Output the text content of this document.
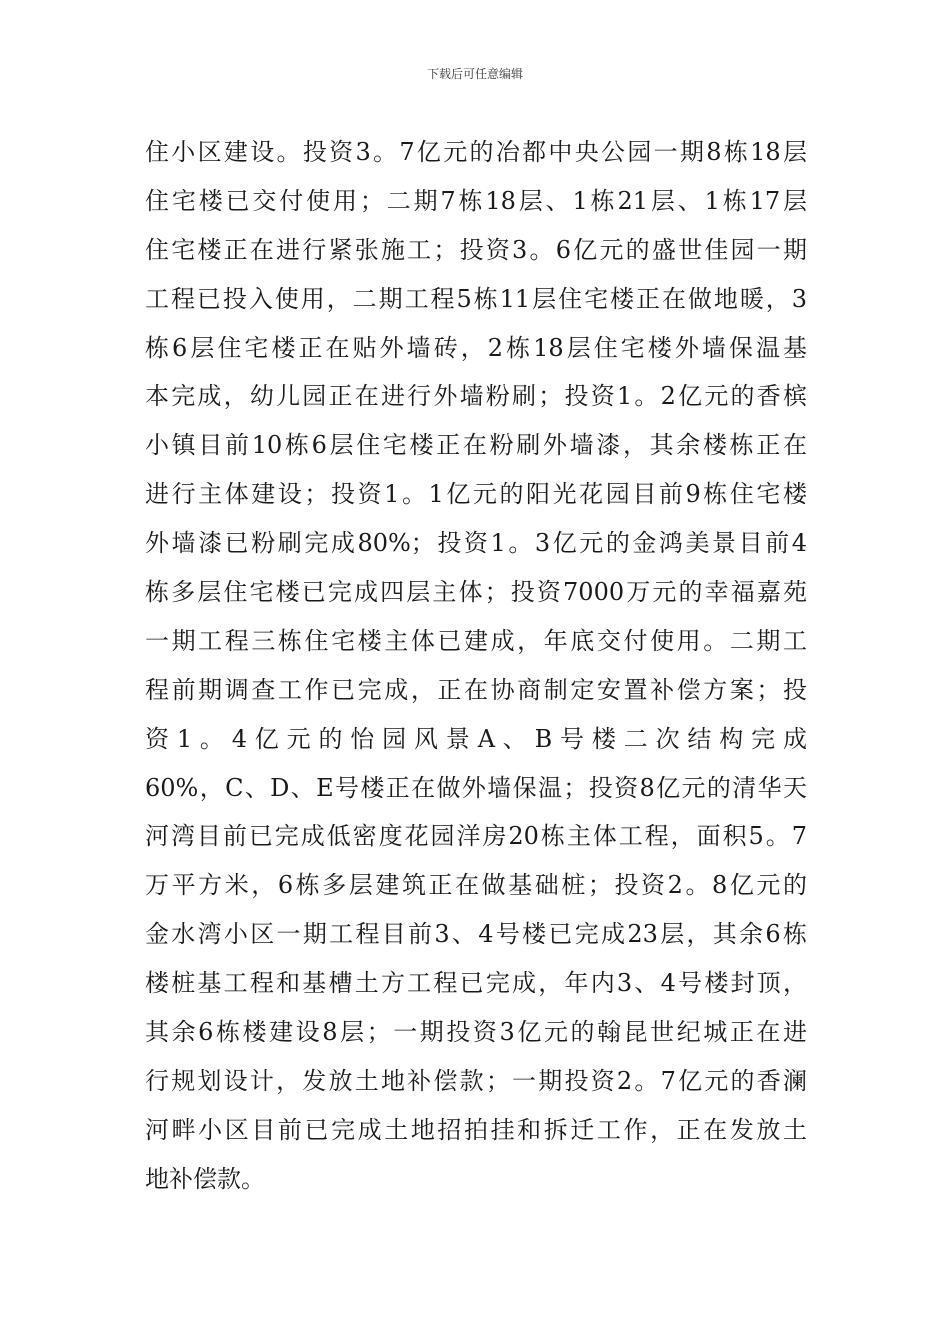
下载后可任意编辑
住小区建设。投资3。7亿元的冶都中央公园一期8栋18层
住宅楼已交付使用；二期7栋18层、1栋21层、1栋17层
住宅楼正在进行紧张施工；投资3。6亿元的盛世佳园一期
工程已投入使用，二期工程5栋11层住宅楼正在做地暖，3
栋6层住宅楼正在贴外墙砖，2栋18层住宅楼外墙保温基
本完成，幼儿园正在进行外墙粉刷；投资1。2亿元的香槟
小镇目前10栋6层住宅楼正在粉刷外墙漆，其余楼栋正在
进行主体建设；投资1。1亿元的阳光花园目前9栋住宅楼
外墙漆已粉刷完成80%；投资1。3亿元的金鸿美景目前4
栋多层住宅楼已完成四层主体；投资7000万元的幸福嘉苑
一期工程三栋住宅楼主体已建成，年底交付使用。二期工
程前期调查工作已完成，正在协商制定安置补偿方案；投
资 1 。 4 亿 元 的 怡 园 风 景 A 、 B 号 楼 二 次 结 构 完 成
60%，C、D、E号楼正在做外墙保温；投资8亿元的清华天
河湾目前已完成低密度花园洋房20栋主体工程，面积5。7
万平方米，6栋多层建筑正在做基础桩；投资2。8亿元的
金水湾小区一期工程目前3、4号楼已完成23层，其余6栋
楼桩基工程和基槽土方工程已完成，年内3、4号楼封顶，
其余6栋楼建设8层；一期投资3亿元的翰昆世纪城正在进
行规划设计，发放土地补偿款；一期投资2。7亿元的香澜
河畔小区目前已完成土地招拍挂和拆迁工作，正在发放土
地补偿款。
